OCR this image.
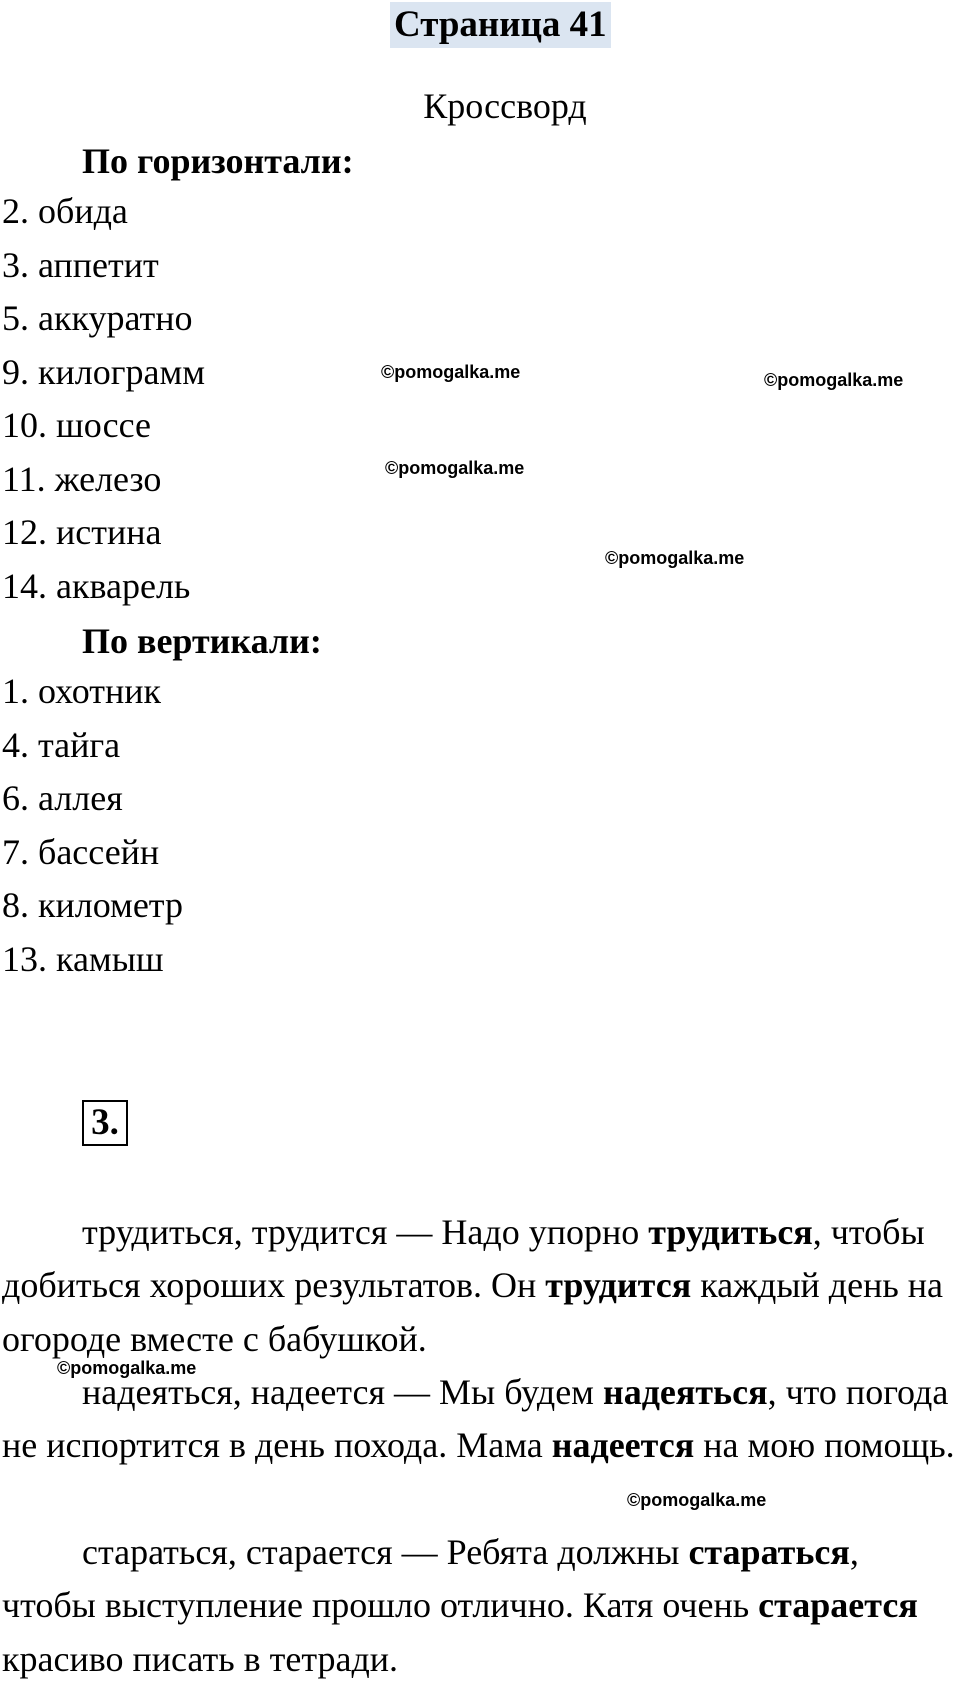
Страница 41
Кроссворд
По горизонтали:
2. обида
3. аппетит
5. аккуратно
9. килограмм
10. шоссе
11. железо
12. истина
14. акварель
По вертикали:
1. охотник
4. тайга
6. аллея
7. бассейн
8. километр
13. камыш
3.

трудиться, трудится — Надо упорно трудиться, чтобы добиться хороших результатов. Он трудится каждый день на огороде вместе с бабушкой.

надеяться, надеется — Мы будем надеяться, что погода не испортится в день похода. Мама надеется на мою помощь.

стараться, старается — Ребята должны стараться, чтобы выступление прошло отлично. Катя очень старается красиво писать в тетради.

©pomogalka.me	©pomogalka.me
©pomogalka.me
©pomogalka.me
©pomogalka.me
©pomogalka.me
